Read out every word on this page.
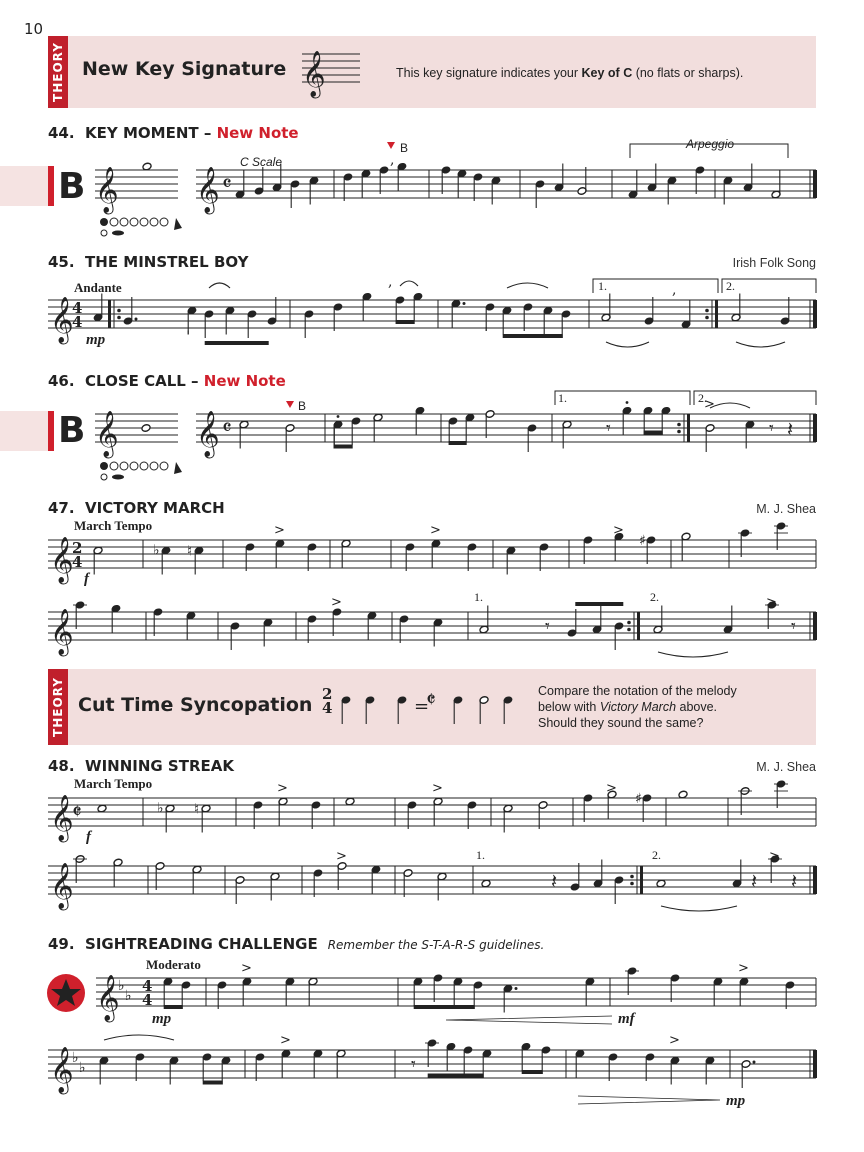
10
THEORY New Key Signature	This key signature indicates your Key of C (no flats or sharps).
44. KEY MOMENT – New Note
B
C Scale
Arpeggio
B
45. THE MINSTREL BOY	Irish Folk Song
Andante
mp
1.	2.
46. CLOSE CALL – New Note
B
B
1.	2.
47. VICTORY MARCH	M. J. Shea
March Tempo
f
1.	2.
THEORY Cut Time Syncopation
Compare the notation of the melody
below with Victory March above.
Should they sound the same?
48. WINNING STREAK	M. J. Shea
March Tempo
f
1.	2.
49. SIGHTREADING CHALLENGE Remember the S-T-A-R-S guidelines.
Moderato
mp	mf
mp
𝄞
𝄞 𝄞 𝄴
,
𝄞
4
4
,	,
𝄞 𝄞 𝄴	𝄾
>
𝄾 𝄽
𝄞
2
4
♭ ♮
>	>	>
♯
𝄞
>
𝄾
>
𝄾
2
4	=
𝄵
𝄞
𝄵	♭ ♮
>	>	>
♯
𝄞
>
𝄽	𝄽
>
𝄽
𝄞
♭
♭
4
4
>	>
𝄞
♭
♭
>
𝄾
>
